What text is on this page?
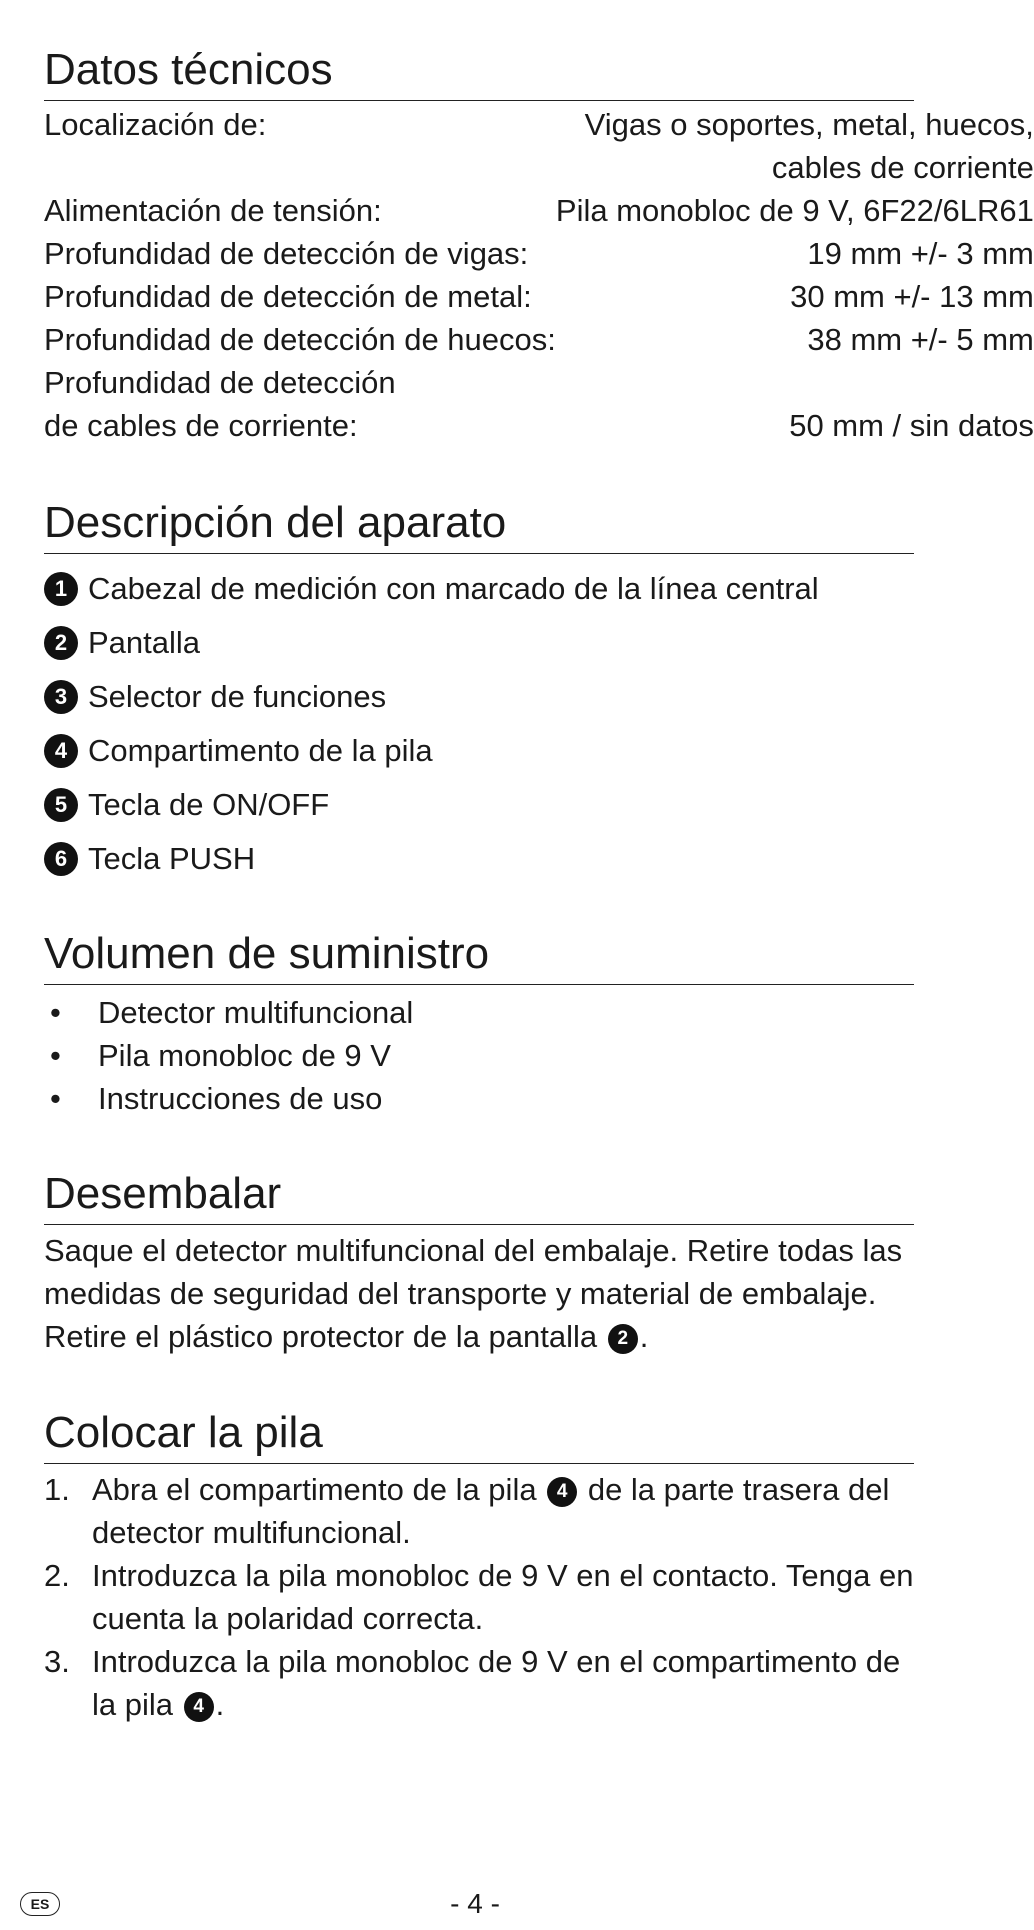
Datos técnicos
Localización de:	Vigas o soportes, metal, huecos,
	cables de corriente
Alimentación de tensión:	Pila monobloc de 9 V, 6F22/6LR61
Profundidad de detección de vigas:	19 mm +/- 3 mm
Profundidad de detección de metal:	30 mm +/- 13 mm
Profundidad de detección de huecos:	38 mm +/- 5 mm
Profundidad de detección	
de cables de corriente:	50 mm / sin datos
Descripción del aparato
1 Cabezal de medición con marcado de la línea central
2 Pantalla
3 Selector de funciones
4 Compartimento de la pila
5 Tecla de ON/OFF
6 Tecla PUSH
Volumen de suministro
•	Detector multifuncional
•	Pila monobloc de 9 V
•	Instrucciones de uso
Desembalar

Saque el detector multifuncional del embalaje. Retire todas las medidas de seguridad del transporte y material de embalaje. Retire el plástico protector de la pantalla 2 .

Colocar la pila
1. Abra el compartimento de la pila 4 de la parte trasera del detector multifuncional.
2. Introduzca la pila monobloc de 9 V en el contacto. Tenga en cuenta la polaridad correcta.
3. Introduzca la pila monobloc de 9 V en el compartimento de la pila 4 .
ES	- 4 -
